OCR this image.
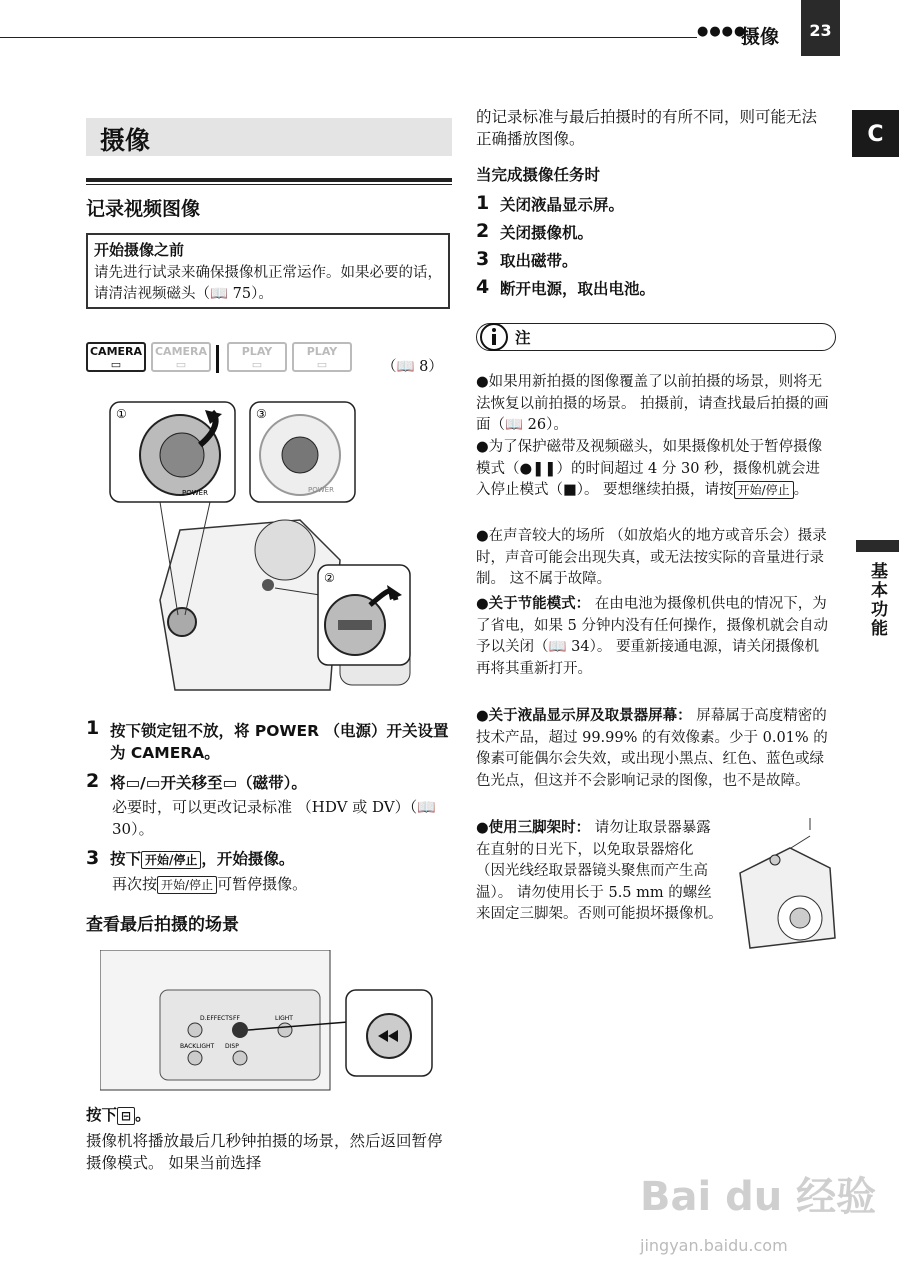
●●●●
摄像	23
C
基本功能
摄像
记录视频图像
开始摄像之前
请先进行试录来确保摄像机正常运作。如果必要的话，请清洁视频磁头（📖 75）。
CAMERA
▭
CAMERA
▭
PLAY
▭
PLAY
▭	（📖 8）
①
POWER
③
POWER
②
1 按下锁定钮不放，将 POWER （电源）开关设置为 CAMERA。
2 将▭/▭开关移至▭（磁带）。
必要时，可以更改记录标准 （HDV 或 DV）（📖 30）。
3 按下 开始/停止 ，开始摄像。
再次按 开始/停止 可暂停摄像。
查看最后拍摄的场景
D.EFFECTS FF
BACKLIGHT DISP
LIGHT
按下 ⊟ 。
摄像机将播放最后几秒钟拍摄的场景，然后返回暂停摄像模式。 如果当前选择
的记录标准与最后拍摄时的有所不同，则可能无法正确播放图像。
当完成摄像任务时
1 关闭液晶显示屏。
2 关闭摄像机。
3 取出磁带。
4 断开电源，取出电池。
注
●如果用新拍摄的图像覆盖了以前拍摄的场景，则将无法恢复以前拍摄的场景。 拍摄前，请查找最后拍摄的画面（📖 26）。
●为了保护磁带及视频磁头，如果摄像机处于暂停摄像模式（●❚❚）的时间超过 4 分 30 秒，摄像机就会进入停止模式（■）。 要想继续拍摄，请按 开始/停止 。
●在声音较大的场所 （如放焰火的地方或音乐会）摄录时，声音可能会出现失真，或无法按实际的音量进行录制。 这不属于故障。
●关于节能模式： 在由电池为摄像机供电的情况下，为了省电，如果 5 分钟内没有任何操作，摄像机就会自动予以关闭（📖 34）。 要重新接通电源，请关闭摄像机再将其重新打开。
●关于液晶显示屏及取景器屏幕： 屏幕属于高度精密的技术产品，超过 99.99% 的有效像素。少于 0.01% 的像素可能偶尔会失效，或出现小黑点、红色、蓝色或绿色光点，但这并不会影响记录的图像，也不是故障。
●使用三脚架时： 请勿让取景器暴露在直射的日光下，以免取景器熔化 （因光线经取景器镜头聚焦而产生高温）。 请勿使用长于 5.5 mm 的螺丝来固定三脚架。否则可能损坏摄像机。
Bai du 经验
jingyan.baidu.com
